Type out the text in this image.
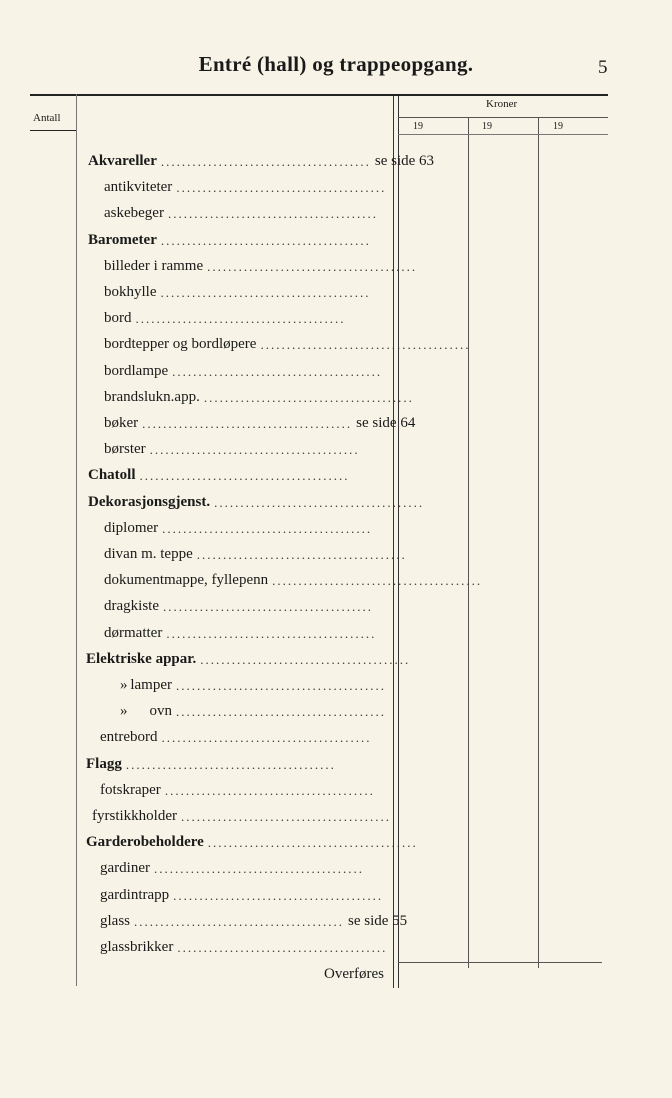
Entré (hall) og trappeopgang.	5
Antall
Kroner
19	19	19
Akvareller ........................................ se side 63
antikviteter ........................................
askebeger ........................................
Barometer ........................................
billeder i ramme ........................................
bokhylle ........................................
bord ........................................
bordtepper og bordløpere ........................................
bordlampe ........................................
brandslukn.app. ........................................
bøker ........................................ se side 64
børster ........................................
Chatoll ........................................
Dekorasjonsgjenst. ........................................
diplomer ........................................
divan m. teppe ........................................
dokumentmappe, fyllepenn ........................................
dragkiste ........................................
dørmatter ........................................
Elektriske appar. ........................................
» lamper ........................................
»	ovn ........................................
entrebord ........................................
Flagg ........................................
fotskraper ........................................
fyrstikkholder ........................................
Garderobeholdere ........................................
gardiner ........................................
gardintrapp ........................................
glass ........................................ se side 55
glassbrikker ........................................
Overføres
